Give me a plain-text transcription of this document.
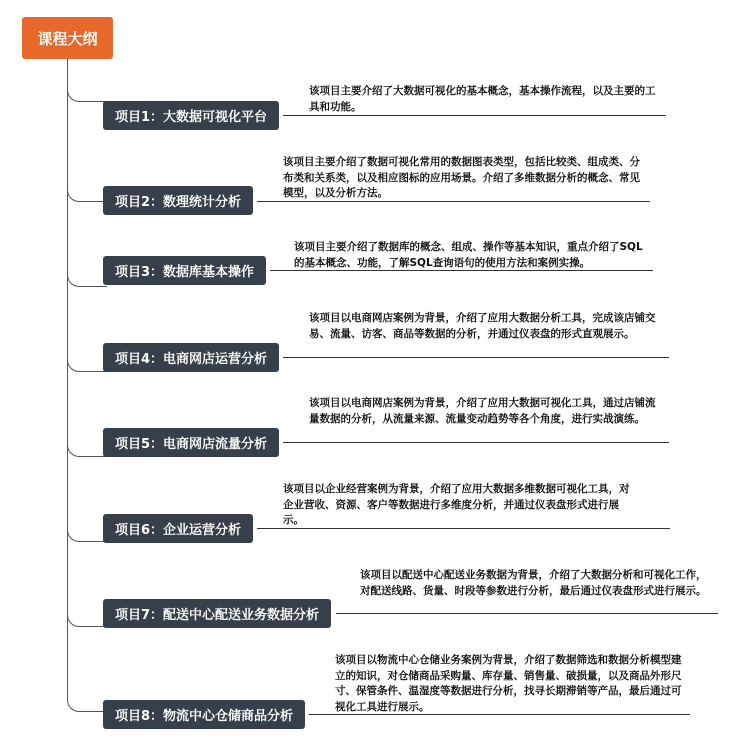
课程大纲
项目1：大数据可视化平台
该项目主要介绍了大数据可视化的基本概念，基本操作流程，以及主要的工具和功能。
项目2：数理统计分析
该项目主要介绍了数据可视化常用的数据图表类型，包括比较类、组成类、分布类和关系类，以及相应图标的应用场景。介绍了多维数据分析的概念、常见模型，以及分析方法。
项目3：数据库基本操作
该项目主要介绍了数据库的概念、组成、操作等基本知识，重点介绍了SQL的基本概念、功能，了解SQL查询语句的使用方法和案例实操。
项目4：电商网店运营分析
该项目以电商网店案例为背景，介绍了应用大数据分析工具，完成该店铺交易、流量、访客、商品等数据的分析，并通过仪表盘的形式直观展示。
项目5：电商网店流量分析
该项目以电商网店案例为背景，介绍了应用大数据可视化工具，通过店铺流量数据的分析，从流量来源、流量变动趋势等各个角度，进行实战演练。
项目6：企业运营分析
该项目以企业经营案例为背景，介绍了应用大数据多维数据可视化工具，对企业营收、资源、客户等数据进行多维度分析，并通过仪表盘形式进行展示。
项目7：配送中心配送业务数据分析
该项目以配送中心配送业务数据为背景，介绍了大数据分析和可视化工作，对配送线路、货量、时段等参数进行分析，最后通过仪表盘形式进行展示。
项目8：物流中心仓储商品分析
该项目以物流中心仓储业务案例为背景，介绍了数据筛选和数据分析模型建立的知识，对仓储商品采购量、库存量、销售量、破损量，以及商品外形尺寸、保管条件、温湿度等数据进行分析，找寻长期滞销等产品，最后通过可视化工具进行展示。
